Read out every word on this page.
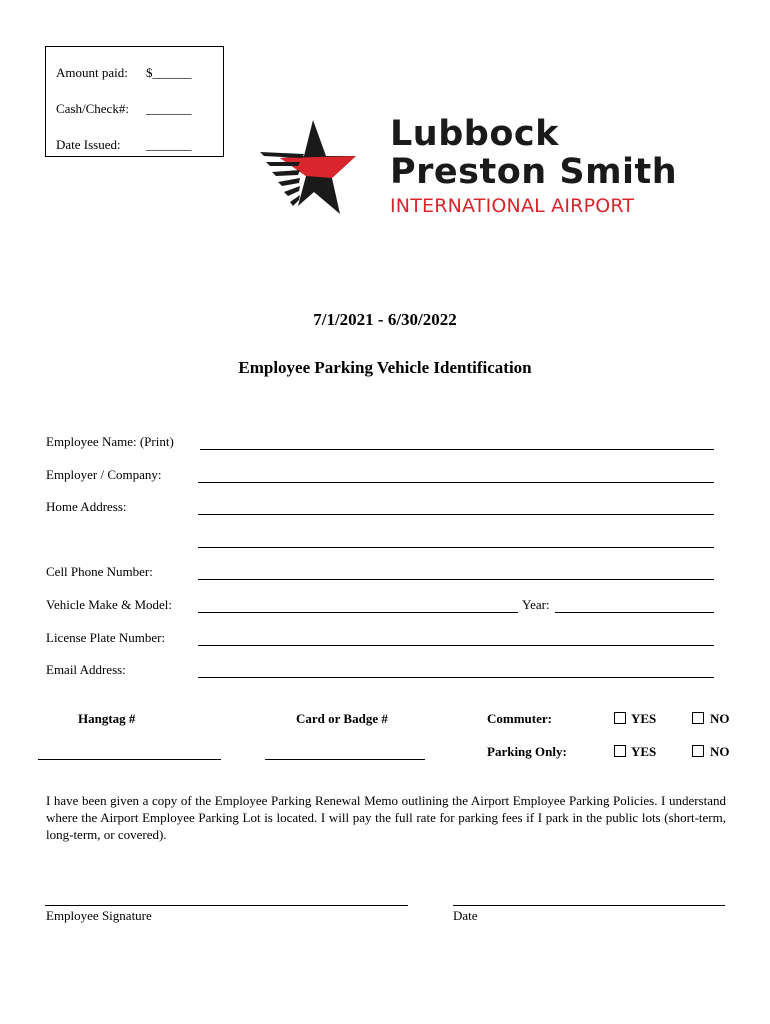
Amount paid: $______
Cash/Check#: _______
Date Issued: _______	Lubbock
Preston Smith
INTERNATIONAL AIRPORT
7/1/2021 - 6/30/2022
Employee Parking Vehicle Identification
Employee Name: (Print)
Employer / Company:
Home Address:
Cell Phone Number:
Vehicle Make & Model:	Year:
License Plate Number:
Email Address:
Hangtag #	Card or Badge #	Commuter:	YES	NO
Parking Only:	YES	NO
I have been given a copy of the Employee Parking Renewal Memo outlining the Airport Employee Parking Policies. I understand where the Airport Employee Parking Lot is located. I will pay the full rate for parking fees if I park in the public lots (short-term, long-term, or covered).
Employee Signature	Date
